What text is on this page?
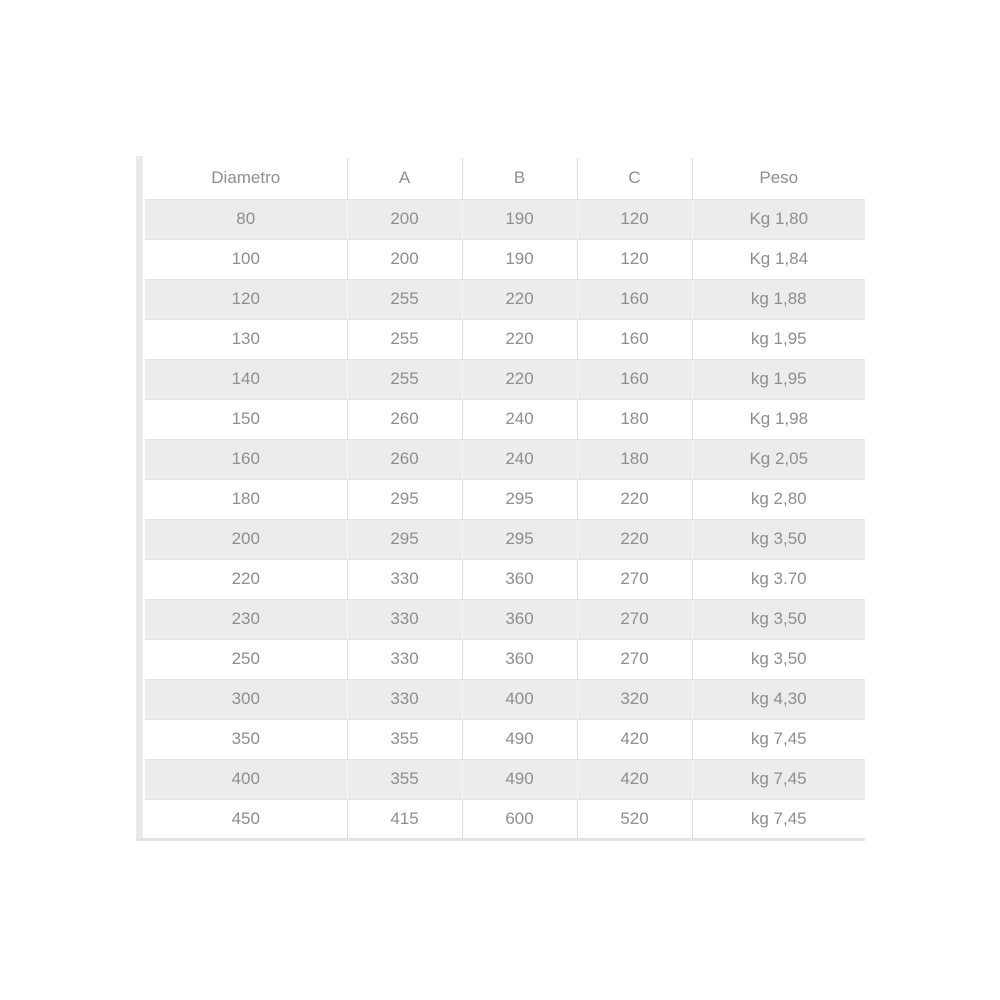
Diametro	A	B	C	Peso
80	200	190	120	Kg 1,80
100	200	190	120	Kg 1,84
120	255	220	160	kg 1,88
130	255	220	160	kg 1,95
140	255	220	160	kg 1,95
150	260	240	180	Kg 1,98
160	260	240	180	Kg 2,05
180	295	295	220	kg 2,80
200	295	295	220	kg 3,50
220	330	360	270	kg 3.70
230	330	360	270	kg 3,50
250	330	360	270	kg 3,50
300	330	400	320	kg 4,30
350	355	490	420	kg 7,45
400	355	490	420	kg 7,45
450	415	600	520	kg 7,45
